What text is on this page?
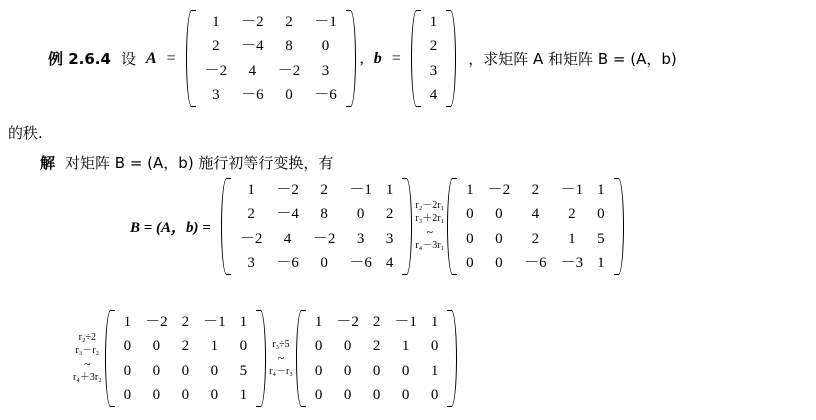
例 2.6.4 设 A =
1	－2	2	－1
2	－4	8	0
－2	4	－2	3
3	－6	0	－6
, b =
1
2
3
4
，求矩阵 A 和矩阵 B = (A，b)
的秩.
解 对矩阵 B = (A，b) 施行初等行变换，有
B = (A，b) =
1	－2	2	－1	1
2	－4	8	0	2
－2	4	－2	3	3
3	－6	0	－6	4
r₂－2r₁
r₃＋2r₁
~
r₄－3r₁
1	－2	2	－1	1
0	0	4	2	0
0	0	2	1	5
0	0	－6	－3	1
r₂÷2
r₃－r₂
~
r₄＋3r₂
1	－2	2	－1	1
0	0	2	1	0
0	0	0	0	5
0	0	0	0	1
r₃÷5
~
r₄－r₃
1	－2	2	－1	1
0	0	2	1	0
0	0	0	0	1
0	0	0	0	0
